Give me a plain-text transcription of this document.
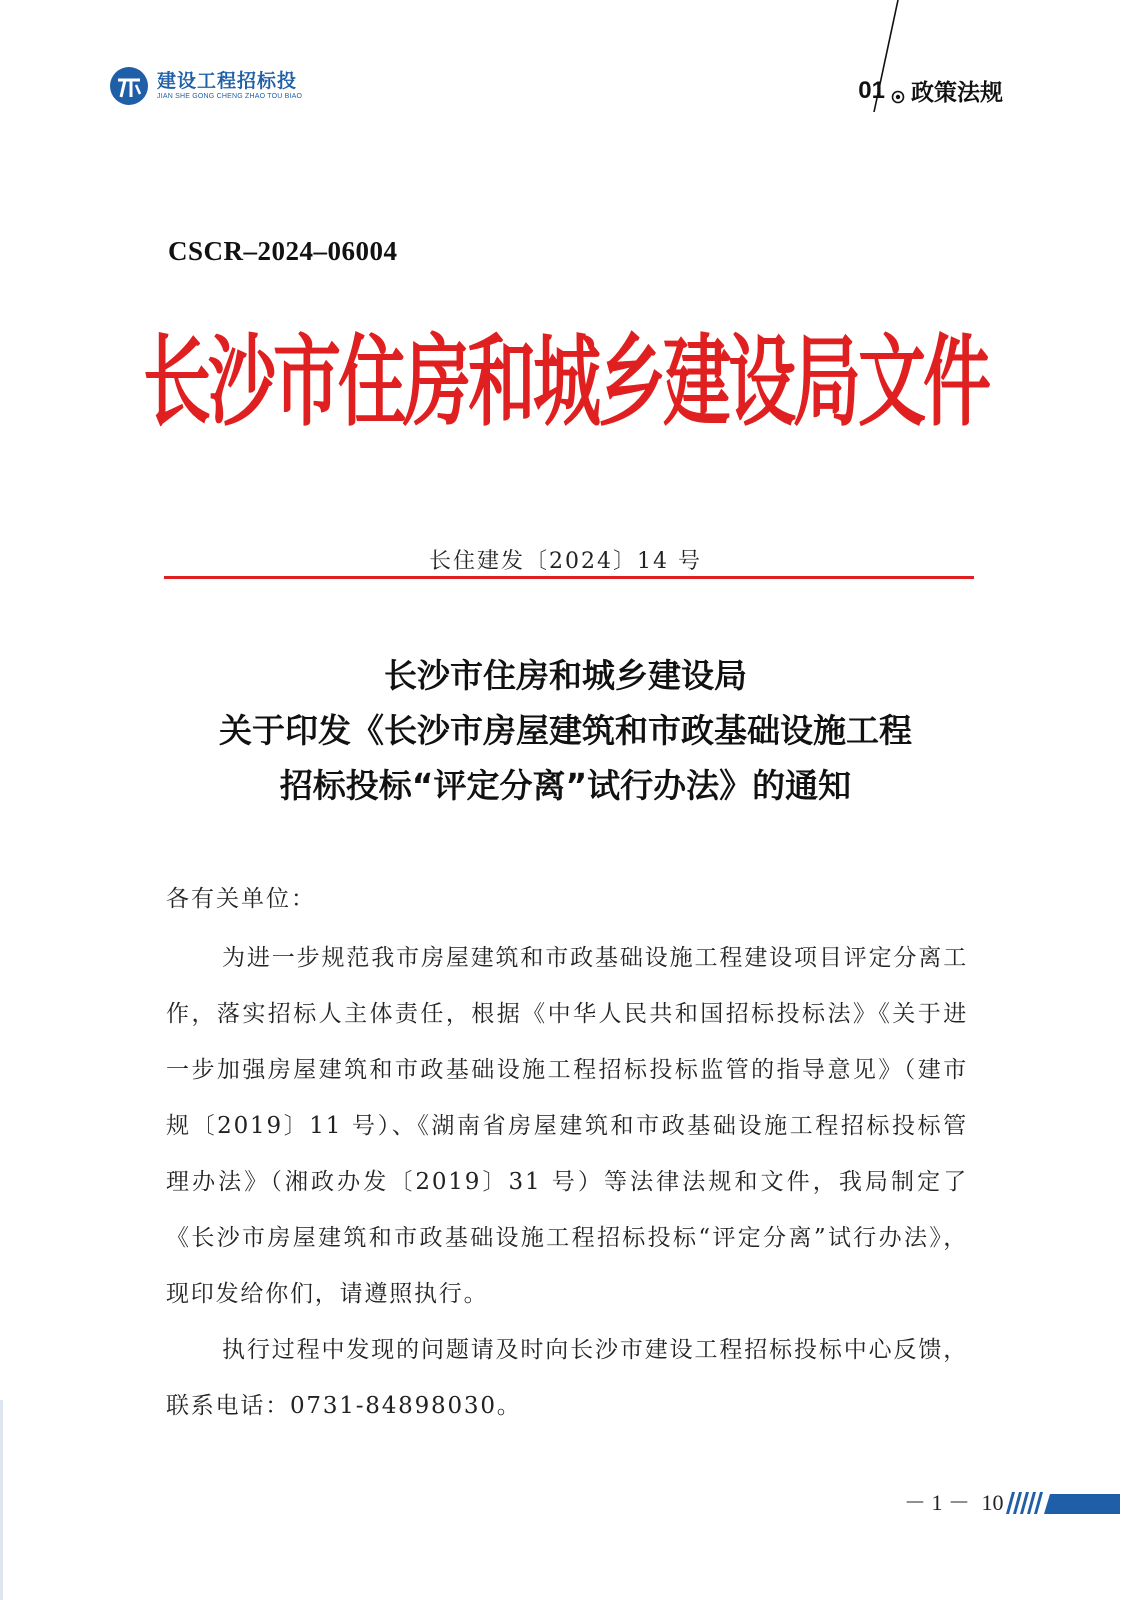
建设工程招标投
JIAN SHE GONG CHENG ZHAO TOU BIAO	01 政策法规
CSCR–2024–06004
长沙市住房和城乡建设局文件
长住建发〔2024〕14 号
长沙市住房和城乡建设局
关于印发《长沙市房屋建筑和市政基础设施工程
招标投标“评定分离”试行办法》的通知
各有关单位：
为进一步规范我市房屋建筑和市政基础设施工程建设项目评定分离工作，落实招标人主体责任，根据《中华人民共和国招标投标法》《关于进一步加强房屋建筑和市政基础设施工程招标投标监管的指导意见》（建市规〔2019〕11 号）、《湖南省房屋建筑和市政基础设施工程招标投标管理办法》（湘政办发〔2019〕31 号）等法律法规和文件，我局制定了《长沙市房屋建筑和市政基础设施工程招标投标“评定分离”试行办法》，现印发给你们，请遵照执行。
执行过程中发现的问题请及时向长沙市建设工程招标投标中心反馈，联系电话：0731-84898030。
－ 1 － 10
